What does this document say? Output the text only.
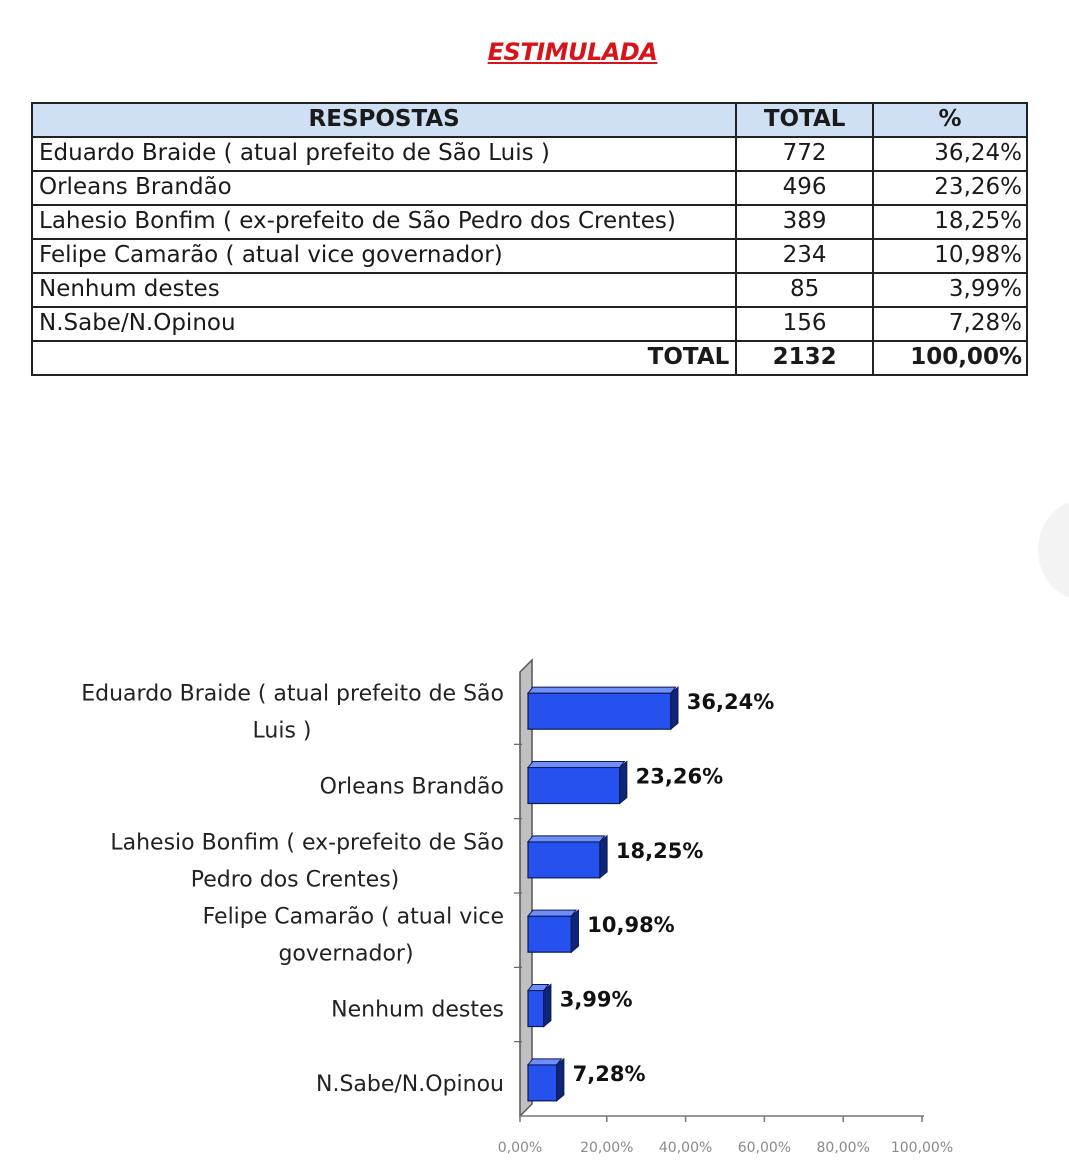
ESTIMULADA
RESPOSTAS	TOTAL	%
Eduardo Braide ( atual prefeito de São Luis )	772	36,24%
Orleans Brandão	496	23,26%
Lahesio Bonfim ( ex-prefeito de São Pedro dos Crentes)	389	18,25%
Felipe Camarão ( atual vice governador)	234	10,98%
Nenhum destes	85	3,99%
N.Sabe/N.Opinou	156	7,28%
TOTAL	2132	100,00%
0,00%	20,00% 40,00% 60,00% 80,00% 100,00%
Eduardo Braide ( atual prefeito de São
Luis )
Orleans Brandão
Lahesio Bonfim ( ex-prefeito de São
Pedro dos Crentes)
Felipe Camarão ( atual vice
governador)
Nenhum destes
N.Sabe/N.Opinou
36,24%
23,26%
18,25%
10,98%
3,99%
7,28%
